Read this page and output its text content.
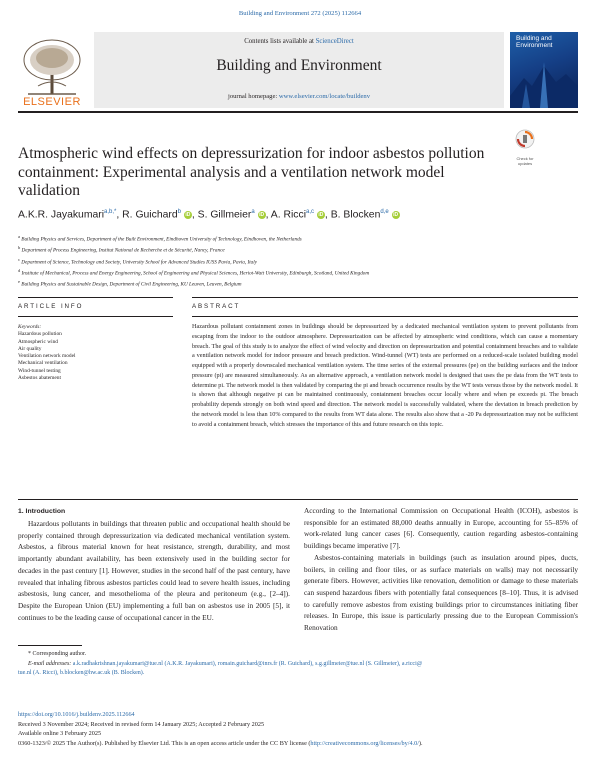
Building and Environment 272 (2025) 112664
ELSEVIER
Contents lists available at ScienceDirect
Building and Environment
journal homepage: www.elsevier.com/locate/buildenv
Building and Environment
Atmospheric wind effects on depressurization for indoor asbestos pollution containment: Experimental analysis and a ventilation network model validation
Check for updates
A.K.R. Jayakumari$^{a,b,*}$, R. Guichard$^b$ iD , S. Gillmeier$^a$ iD , A. Ricci$^{a,c}$ iD , B. Blocken$^{d,e}$ iD
$^a$ Building Physics and Services, Department of the Built Environment, Eindhoven University of Technology, Eindhoven, the Netherlands
$^b$ Department of Process Engineering, Institut National de Recherche et de Sécurité, Nancy, France
$^c$ Department of Science, Technology and Society, University School for Advanced Studies IUSS Pavia, Pavia, Italy
$^d$ Institute of Mechanical, Process and Energy Engineering, School of Engineering and Physical Sciences, Heriot-Watt University, Edinburgh, Scotland, United Kingdom
$^e$ Building Physics and Sustainable Design, Department of Civil Engineering, KU Leuven, Leuven, Belgium
ARTICLE INFO	ABSTRACT
Keywords:
Hazardous pollution
Atmospheric wind
Air quality
Ventilation network model
Mechanical ventilation
Wind-tunnel testing
Asbestos abatement
Hazardous pollutant containment zones in buildings should be depressurized by a dedicated mechanical ventilation system to prevent pollutants from escaping from the indoor to the outdoor atmosphere. Depressurization can be affected by atmospheric wind conditions, which can cause a momentary breach. The goal of this study is to analyze the effect of wind velocity and direction on depressurization and potential containment breaches and to validate a ventilation network model for indoor pressure and breach prediction. Wind-tunnel (WT) tests are performed on a reduced-scale isolated building model equipped with a properly downscaled mechanical ventilation system. The time series of the external pressures (pe) on the building surfaces and the indoor pressure (pi) are measured simultaneously. As an alternative approach, a ventilation network model is designed that uses the pe data from the WT tests to determine pi. The network model is then validated by comparing the pi and breach occurrence results by the WT tests versus those by the network model. It is shown that although negative pi can be maintained continuously, containment breaches occur locally where and when pe exceeds pi. The breach probability depends strongly on both wind speed and direction. The network model is successfully validated, where the deviation in breach prediction by the network model is less than 10% compared to the results from WT data alone. The results also show that a -20 Pa depressurization may not be sufficient to avoid a containment breach, which stresses the importance of this and future research on this topic.
1. Introduction

Hazardous pollutants in buildings that threaten public and occupational health should be properly contained through depressurization via dedicated mechanical ventilation system. Asbestos, a fibrous material known for heat resistance, strength, durability, and most importantly abundant availability, has been extensively used in the building sector for decades in the past century [1]. However, studies in the second half of the past century, have revealed that inhaling fibrous asbestos particles could lead to severe health issues, including asbestosis, lung cancer, and mesothelioma of the pleura and peritoneum (e.g., [2–4]). Despite the European Union (EU) implementing a full ban on asbestos use in 2005 [5], it continues to be the leading cause of occupational cancer in the EU.

According to the International Commission on Occupational Health (ICOH), asbestos is responsible for an estimated 88,000 deaths annually in Europe, accounting for 55–85% of work-related lung cancer cases [6]. Consequently, caution regarding asbestos-containing buildings became imperative [7].

Asbestos-containing materials in buildings (such as insulation around pipes, ducts, boilers, in ceiling and floor tiles, or as surface materials on walls) may not necessarily generate fibers. However, activities like renovation, demolition or damage to these materials can suspend hazardous fibers with potentially fatal consequences [8–10]. Thus, it is advised to carefully remove asbestos from existing buildings prior to circumstances initiating fiber releases. In Europe, this issue is particularly pressing due to the European Commission's Renovation

* Corresponding author.
E-mail addresses: a.k.radhakrishnan.jayakumari@tue.nl (A.K.R. Jayakumari), romain.guichard@inrs.fr (R. Guichard), s.g.gillmeier@tue.nl (S. Gillmeier), a.ricci@
tue.nl (A. Ricci), b.blocken@hw.ac.uk (B. Blocken).
https://doi.org/10.1016/j.buildenv.2025.112664
Received 3 November 2024; Received in revised form 14 January 2025; Accepted 2 February 2025
Available online 3 February 2025
0360-1323/© 2025 The Author(s). Published by Elsevier Ltd. This is an open access article under the CC BY license (http://creativecommons.org/licenses/by/4.0/).
